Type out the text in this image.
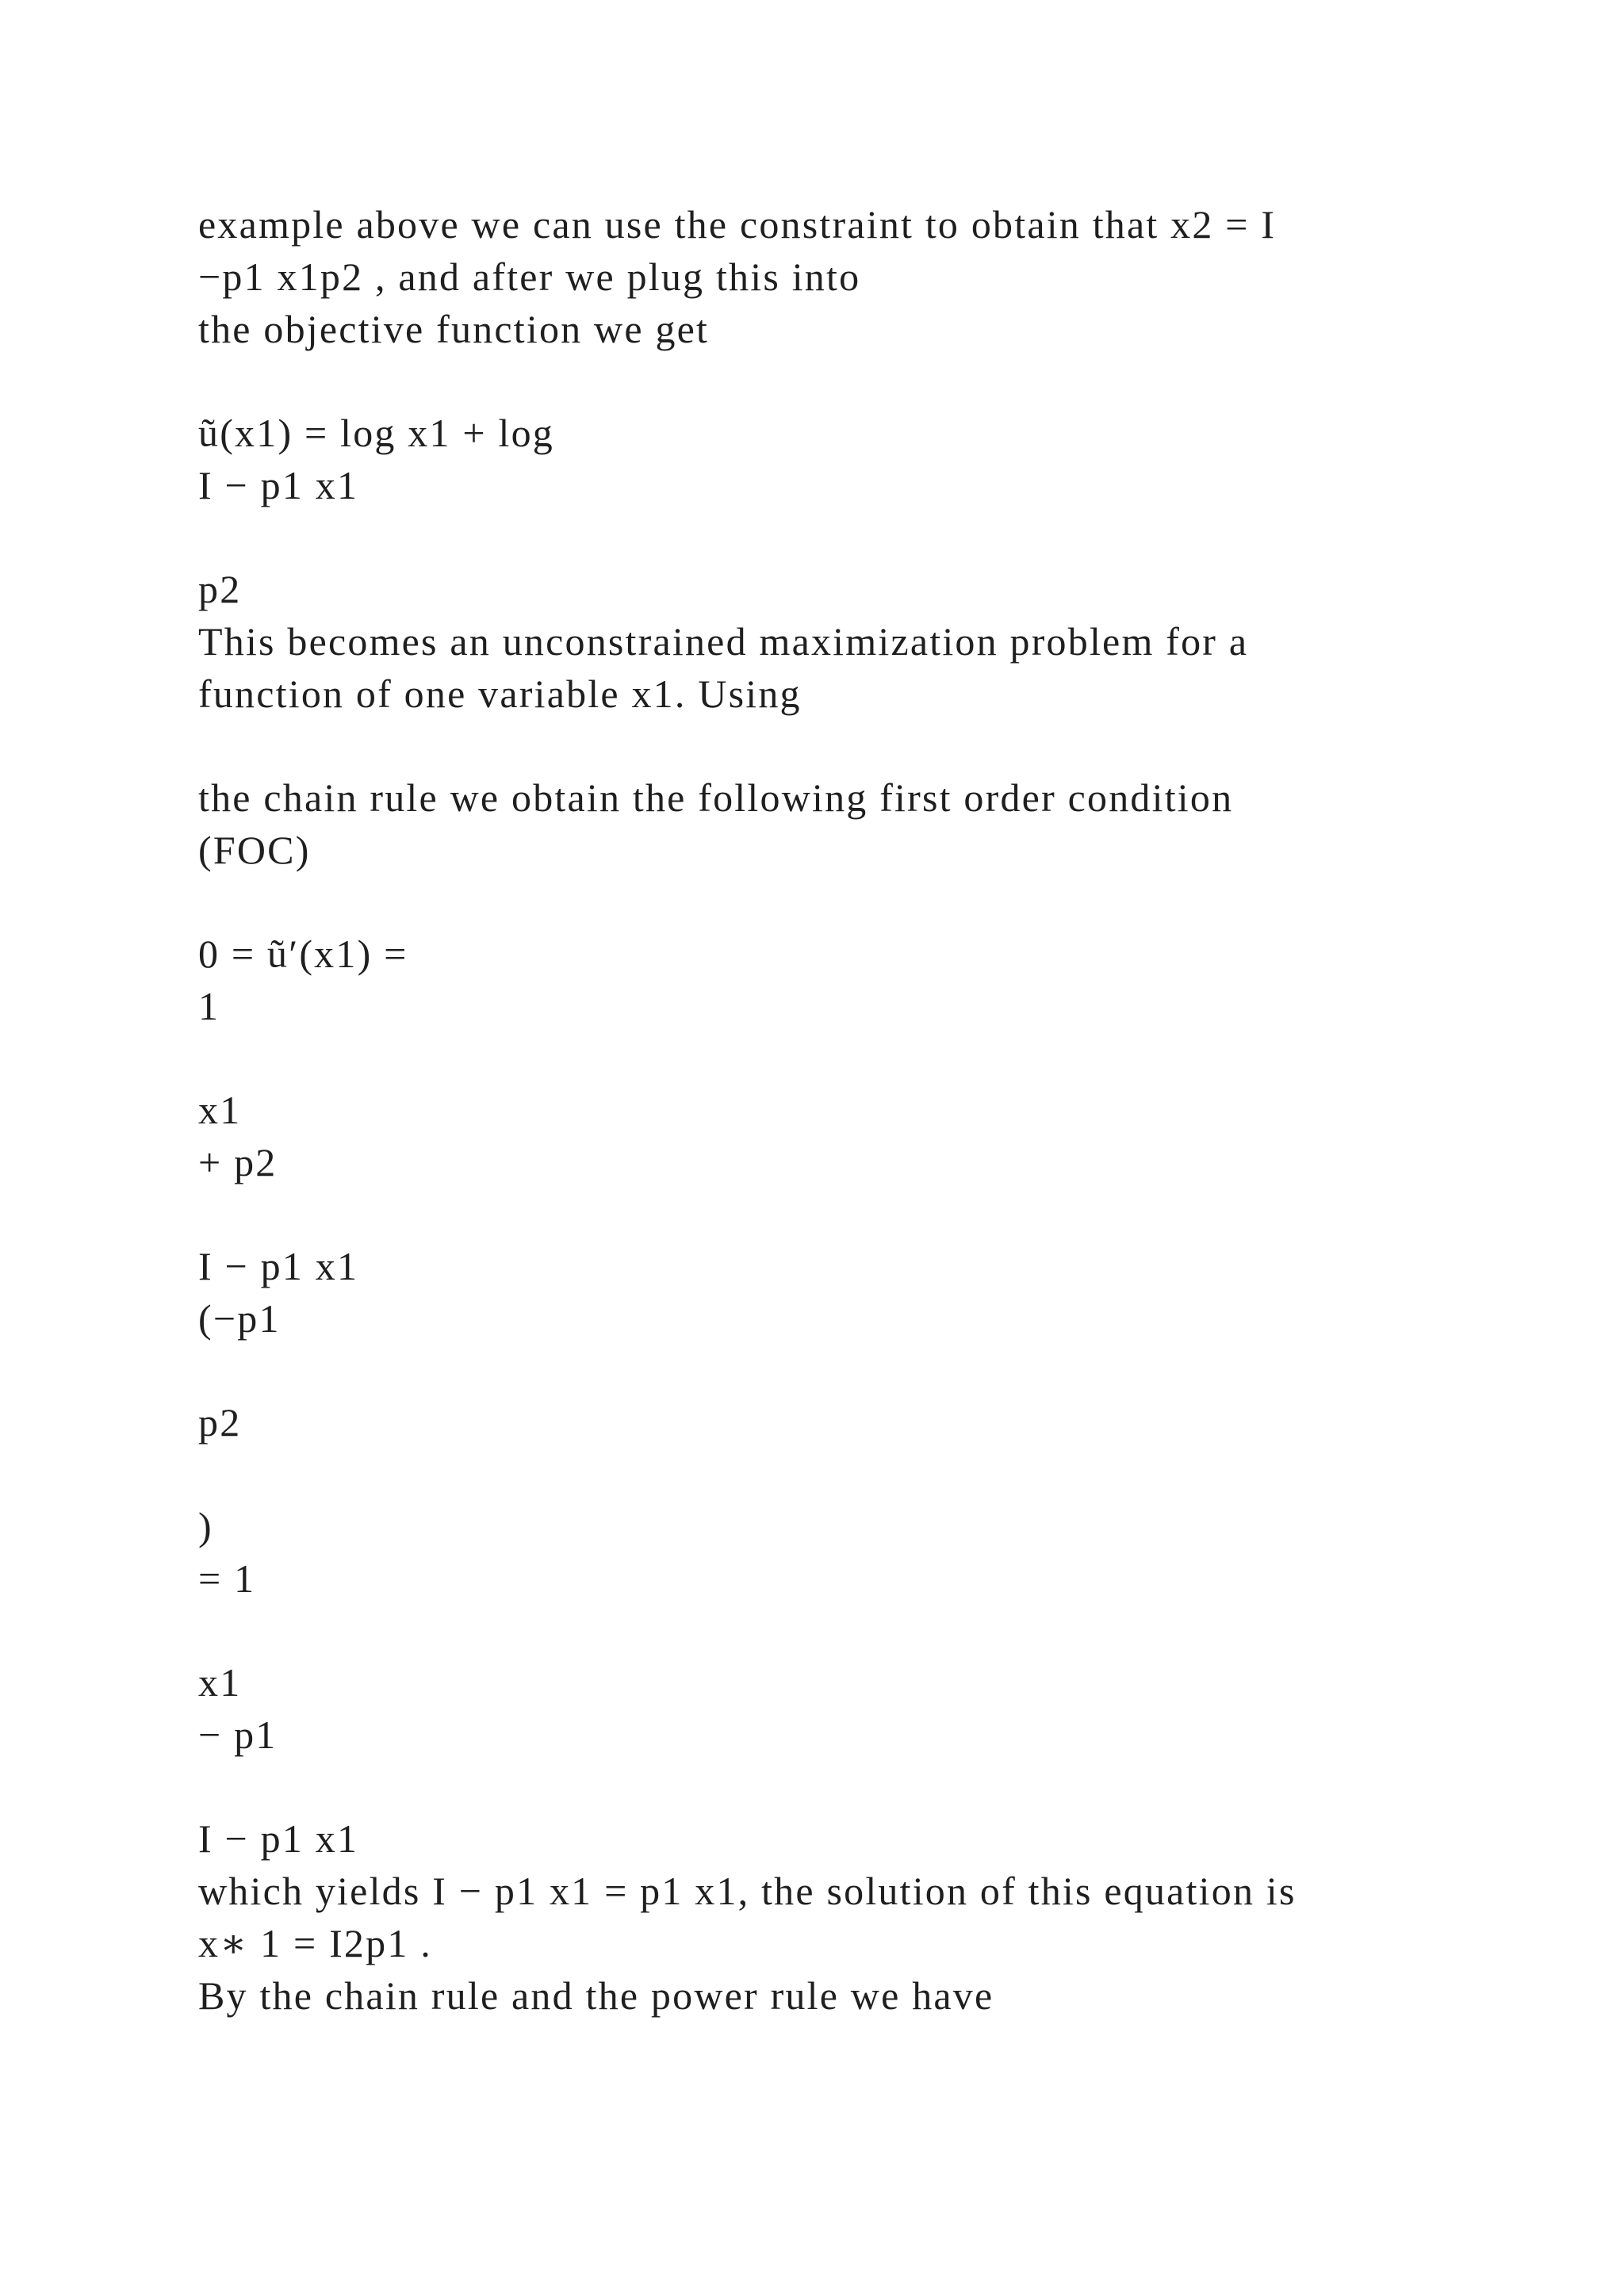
example above we can use the constraint to obtain that x2 = I

−p1 x1p2 , and after we plug this into

the objective function we get

ũ(x1) = log x1 + log

I − p1 x1

p2

This becomes an unconstrained maximization problem for a

function of one variable x1. Using

the chain rule we obtain the following first order condition

(FOC)

0 = ũ′(x1) =

1

x1

+ p2

I − p1 x1

(−p1

p2

)

= 1

x1

− p1

I − p1 x1

which yields I − p1 x1 = p1 x1, the solution of this equation is

x∗ 1 = I2p1 .

By the chain rule and the power rule we have
